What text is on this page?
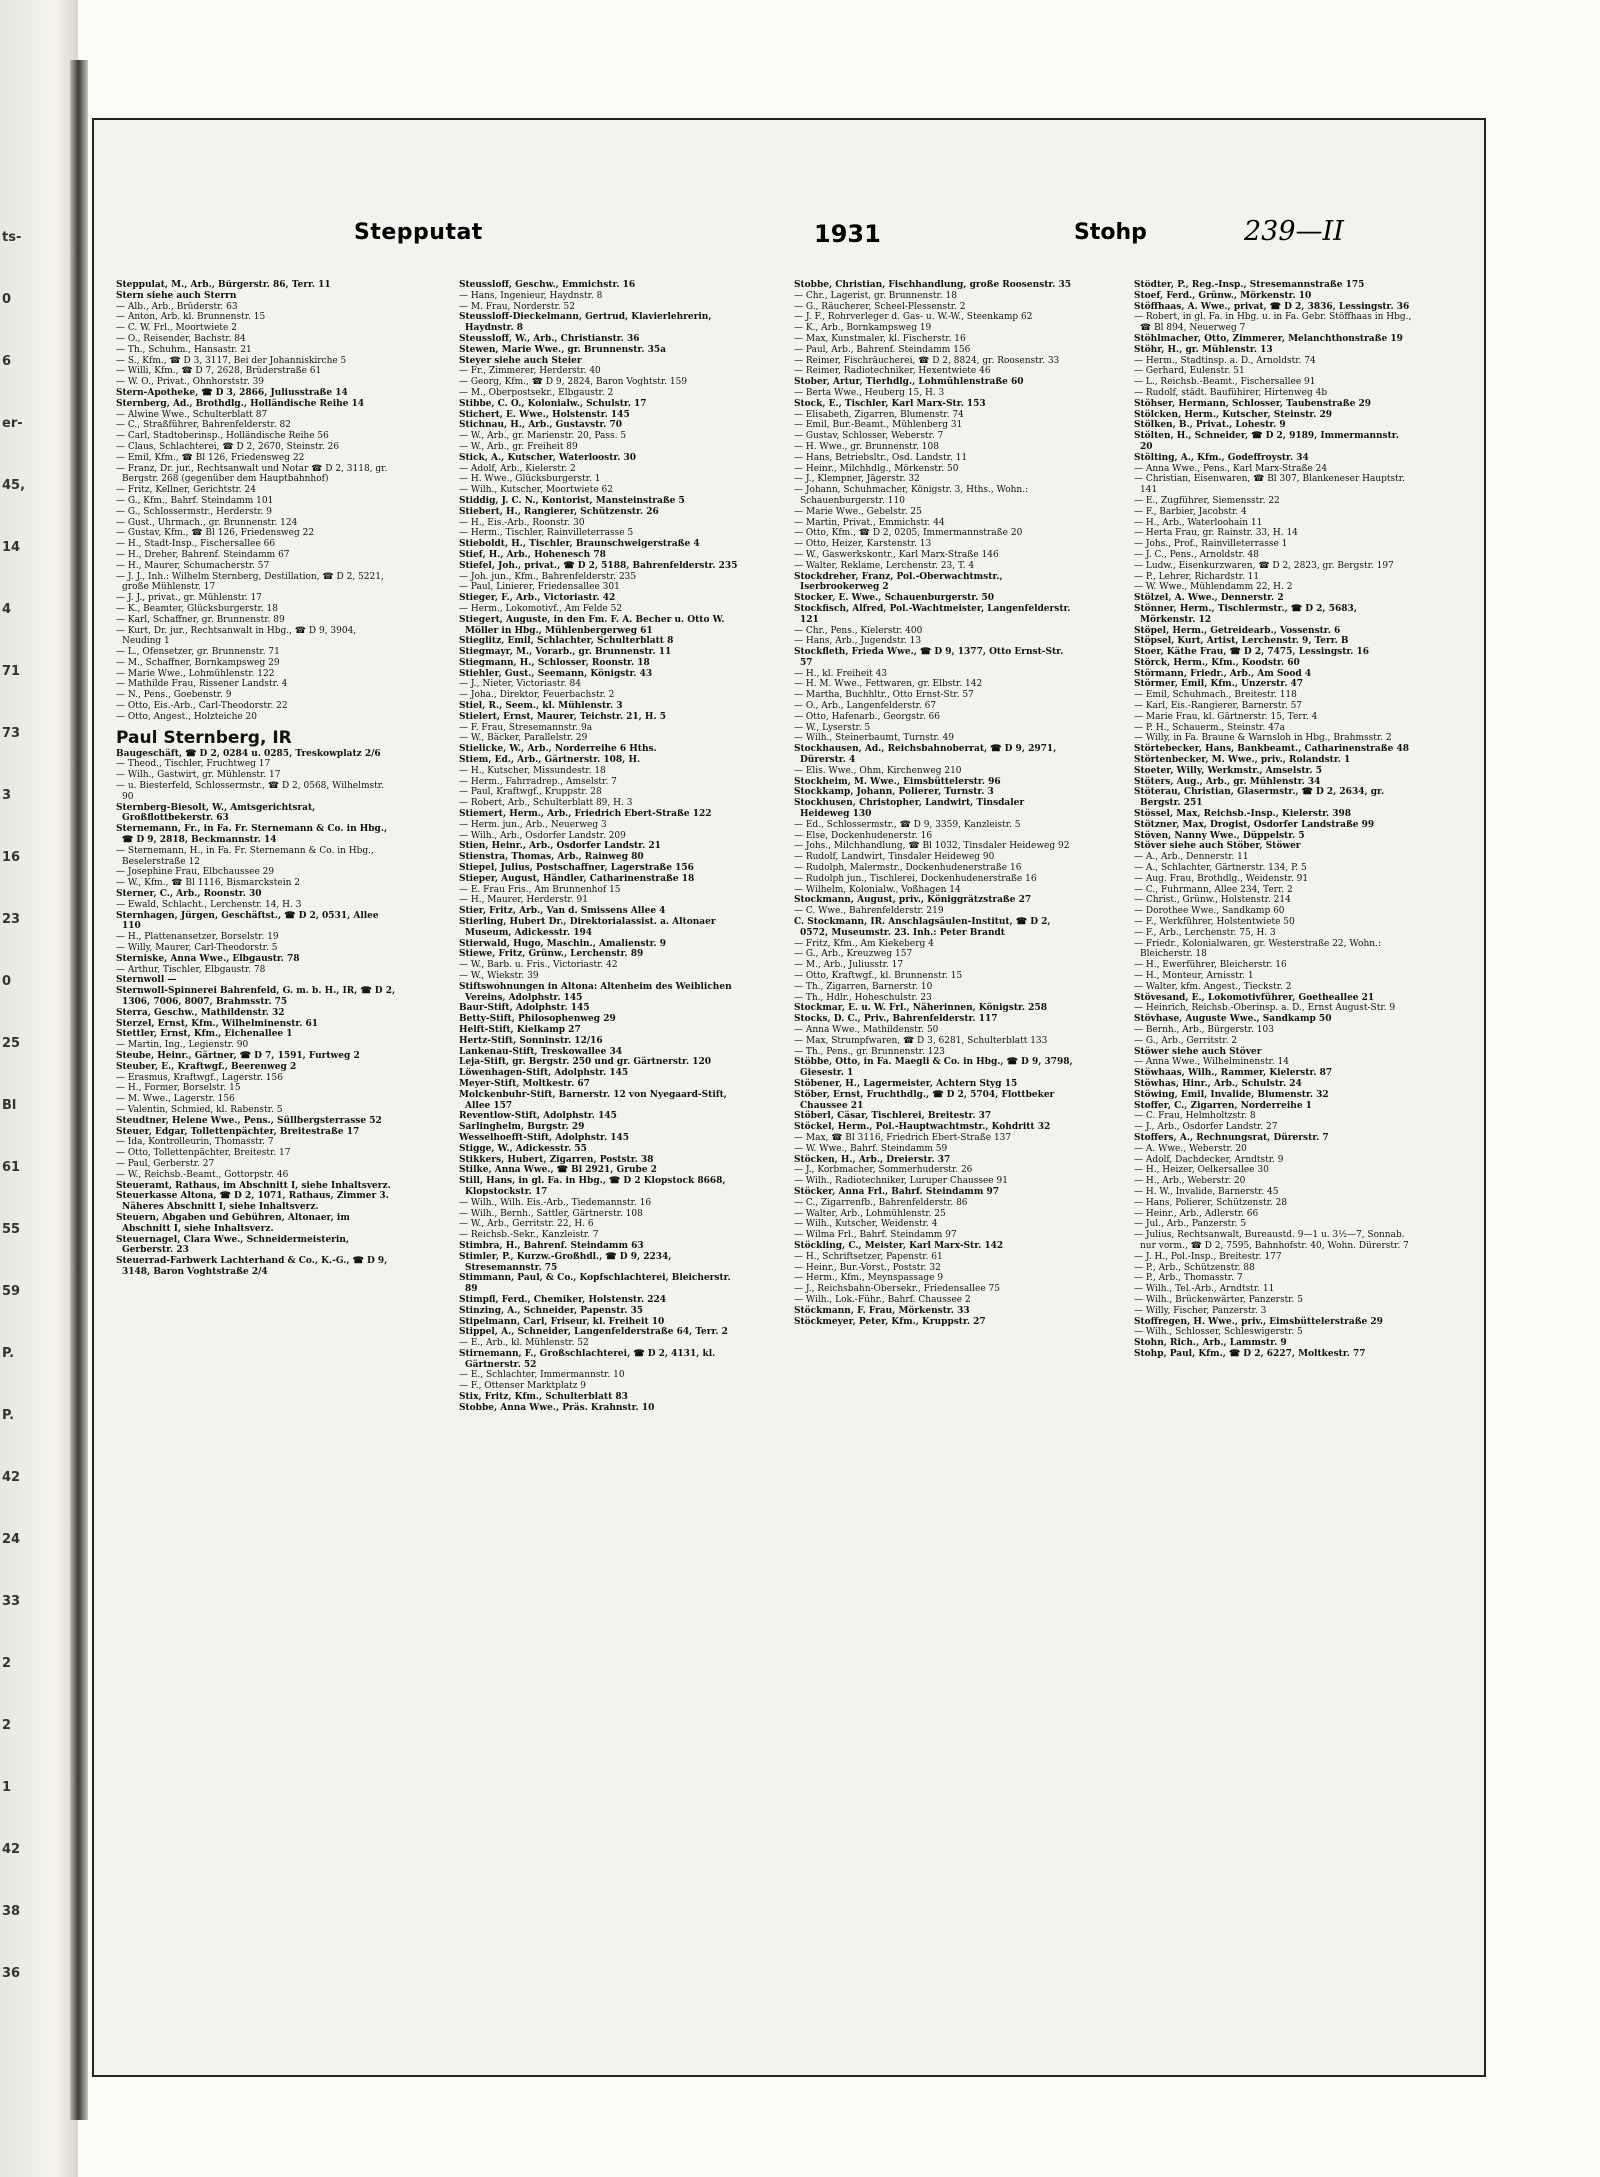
ts-
0
6
er-
45,
14
4
71
73
3
16
23
0
25
Bl
61
55
59
P.
P.
42
24
33
2
2
1
42
38
36
Stepputat	1931	Stohp	239—II

Steppulat, M., Arb., Bürgerstr. 86, Terr. 11

Stern siehe auch Sterrn

— Alb., Arb., Brüderstr. 63

— Anton, Arb. kl. Brunnenstr. 15

— C. W. Frl., Moortwiete 2

— O., Reisender, Bachstr. 84

— Th., Schuhm., Hansastr. 21

— S., Kfm., ☎ D 3, 3117, Bei der Johanniskirche 5

— Willi, Kfm., ☎ D 7, 2628, Brüderstraße 61

— W. O., Privat., Ohnhorststr. 39

Stern-Apotheke, ☎ D 3, 2866, Juliusstraße 14

Sternberg, Ad., Brothdlg., Holländische Reihe 14

— Alwine Wwe., Schulterblatt 87

— C., Straßführer, Bahrenfelderstr. 82

— Carl, Stadtoberinsp., Holländische Reihe 56

— Claus, Schlachterei, ☎ D 2, 2670, Steinstr. 26

— Emil, Kfm., ☎ Bl 126, Friedensweg 22

— Franz, Dr. jur., Rechtsanwalt und Notar ☎ D 2, 3118, gr. Bergstr. 268 (gegenüber dem Hauptbahnhof)

— Fritz, Kellner, Gerichtstr. 24

— G., Kfm., Bahrf. Steindamm 101

— G., Schlossermstr., Herderstr. 9

— Gust., Uhrmach., gr. Brunnenstr. 124

— Gustav, Kfm., ☎ Bl 126, Friedensweg 22

— H., Stadt-Insp., Fischersallee 66

— H., Dreher, Bahrenf. Steindamm 67

— H., Maurer, Schumacherstr. 57

— J. J., Inh.: Wilhelm Sternberg, Destillation, ☎ D 2, 5221, große Mühlenstr. 17

— J. J., privat., gr. Mühlenstr. 17

— K., Beamter, Glücksburgerstr. 18

— Karl, Schaffner, gr. Brunnenstr. 89

— Kurt, Dr. jur., Rechtsanwalt in Hbg., ☎ D 9, 3904, Neuding 1

— L., Ofensetzer, gr. Brunnenstr. 71

— M., Schaffner, Bornkampsweg 29

— Marie Wwe., Lohmühlenstr. 122

— Mathilde Frau, Rissener Landstr. 4

— N., Pens., Goebenstr. 9

— Otto, Eis.-Arb., Carl-Theodorstr. 22

— Otto, Angest., Holzteiche 20

Paul Sternberg, IR

Baugeschäft, ☎ D 2, 0284 u. 0285, Treskowplatz 2/6

— Theod., Tischler, Fruchtweg 17

— Wilh., Gastwirt, gr. Mühlenstr. 17

— u. Biesterfeld, Schlossermstr., ☎ D 2, 0568, Wilhelmstr. 90

Sternberg-Biesolt, W., Amtsgerichtsrat, Großflottbekerstr. 63

Sternemann, Fr., in Fa. Fr. Sternemann & Co. in Hbg., ☎ D 9, 2818, Beckmannstr. 14

— Sternemann, H., in Fa. Fr. Sternemann & Co. in Hbg., Beselerstraße 12

— Josephine Frau, Elbchaussee 29

— W., Kfm., ☎ Bl 1116, Bismarckstein 2

Sterner, C., Arb., Roonstr. 30

— Ewald, Schlacht., Lerchenstr. 14, H. 3

Sternhagen, Jürgen, Geschäftst., ☎ D 2, 0531, Allee 110

— H., Plattenansetzer, Borselstr. 19

— Willy, Maurer, Carl-Theodorstr. 5

Sterniske, Anna Wwe., Elbgaustr. 78

— Arthur, Tischler, Elbgaustr. 78

Sternwoll —

Sternwoll-Spinnerei Bahrenfeld, G. m. b. H., IR, ☎ D 2, 1306, 7006, 8007, Brahmsstr. 75

Sterra, Geschw., Mathildenstr. 32

Sterzel, Ernst, Kfm., Wilhelminenstr. 61

Stettler, Ernst, Kfm., Eichenallee 1

— Martin, Ing., Legienstr. 90

Steube, Heinr., Gärtner, ☎ D 7, 1591, Furtweg 2

Steuber, E., Kraftwgf., Beerenweg 2

— Erasmus, Kraftwgf., Lagerstr. 156

— H., Former, Borselstr. 15

— M. Wwe., Lagerstr. 156

— Valentin, Schmied, kl. Rabenstr. 5

Steudtner, Helene Wwe., Pens., Süllbergsterrasse 52

Steuer, Edgar, Tollettenpächter, Breitestraße 17

— Ida, Kontrolleurin, Thomasstr. 7

— Otto, Tollettenpächter, Breitestr. 17

— Paul, Gerberstr. 27

— W., Reichsb.-Beamt., Gottorpstr. 46

Steueramt, Rathaus, im Abschnitt I, siehe Inhaltsverz.

Steuerkasse Altona, ☎ D 2, 1071, Rathaus, Zimmer 3. Näheres Abschnitt I, siehe Inhaltsverz.

Steuern, Abgaben und Gebühren, Altonaer, im Abschnitt I, siehe Inhaltsverz.

Steuernagel, Clara Wwe., Schneidermeisterin, Gerberstr. 23

Steuerrad-Farbwerk Lachterhand & Co., K.-G., ☎ D 9, 3148, Baron Voghtstraße 2/4

Steussloff, Geschw., Emmichstr. 16

— Hans, Ingenieur, Haydnstr. 8

— M. Frau, Norderstr. 52

Steussloff-Dieckelmann, Gertrud, Klavierlehrerin, Haydnstr. 8

Steussloff, W., Arb., Christianstr. 36

Stewen, Marie Wwe., gr. Brunnenstr. 35a

Steyer siehe auch Steier

— Fr., Zimmerer, Herderstr. 40

— Georg, Kfm., ☎ D 9, 2824, Baron Voghtstr. 159

— M., Oberpostsekr., Elbgaustr. 2

Stibbe, C. O., Kolonialw., Schulstr. 17

Stichert, E. Wwe., Holstenstr. 145

Stichnau, H., Arb., Gustavstr. 70

— W., Arb., gr. Marienstr. 20, Pass. 5

— W., Arb., gr. Freiheit 89

Stick, A., Kutscher, Waterloostr. 30

— Adolf, Arb., Kielerstr. 2

— H. Wwe., Glücksburgerstr. 1

— Wilh., Kutscher, Moortwiete 62

Stiddig, J. C. N., Kontorist, Mansteinstraße 5

Stiebert, H., Rangierer, Schützenstr. 26

— H., Eis.-Arb., Roonstr. 30

— Herm., Tischler, Rainvilleterrasse 5

Stieboldt, H., Tischler, Braunschweigerstraße 4

Stief, H., Arb., Hohenesch 78

Stiefel, Joh., privat., ☎ D 2, 5188, Bahrenfelderstr. 235

— Joh. jun., Kfm., Bahrenfelderstr. 235

— Paul, Linierer, Friedensallee 301

Stieger, F., Arb., Victoriastr. 42

— Herm., Lokomotivf., Am Felde 52

Stiegert, Auguste, in den Fm. F. A. Becher u. Otto W. Möller in Hbg., Mühlenbergerweg 61

Stieglitz, Emil, Schlachter, Schulterblatt 8

Stiegmayr, M., Vorarb., gr. Brunnenstr. 11

Stiegmann, H., Schlosser, Roonstr. 18

Stiehler, Gust., Seemann, Königstr. 43

— J., Nieter, Victoriastr. 84

— Joha., Direktor, Feuerbachstr. 2

Stiel, R., Seem., kl. Mühlenstr. 3

Stielert, Ernst, Maurer, Teichstr. 21, H. 5

— F. Frau, Stresemannstr. 9a

— W., Bäcker, Parallelstr. 29

Stielicke, W., Arb., Norderreihe 6 Hths.

Stiem, Ed., Arb., Gärtnerstr. 108, H.

— H., Kutscher, Missundestr. 18

— Herm., Fahrradrep., Amselstr. 7

— Paul, Kraftwgf., Kruppstr. 28

— Robert, Arb., Schulterblatt 89, H. 3

Stiemert, Herm., Arb., Friedrich Ebert-Straße 122

— Herm. jun., Arb., Neuerweg 3

— Wilh., Arb., Osdorfer Landstr. 209

Stien, Heinr., Arb., Osdorfer Landstr. 21

Stienstra, Thomas, Arb., Rainweg 80

Stiepel, Julius, Postschaffner, Lagerstraße 156

Stieper, August, Händler, Catharinenstraße 18

— E. Frau Fris., Am Brunnenhof 15

— H., Maurer, Herderstr. 91

Stier, Fritz, Arb., Van d. Smissens Allee 4

Stierling, Hubert Dr., Direktorialassist. a. Altonaer Museum, Adickesstr. 194

Stierwald, Hugo, Maschin., Amalienstr. 9

Stiewe, Fritz, Grünw., Lerchenstr. 89

— W., Barb. u. Fris., Victoriastr. 42

— W., Wiekstr. 39

Stiftswohnungen in Altona: Altenheim des Weiblichen Vereins, Adolphstr. 145

Baur-Stift, Adolphstr. 145

Betty-Stift, Philosophenweg 29

Helft-Stift, Kielkamp 27

Hertz-Stift, Sonninstr. 12/16

Lankenau-Stift, Treskowallee 34

Leja-Stift, gr. Bergstr. 250 und gr. Gärtnerstr. 120

Löwenhagen-Stift, Adolphstr. 145

Meyer-Stift, Moltkestr. 67

Molckenbuhr-Stift, Barnerstr. 12 von Nyegaard-Stift, Allee 157

Reventlow-Stift, Adolphstr. 145

Sarlinghelm, Burgstr. 29

Wesselhoefft-Stift, Adolphstr. 145

Stigge, W., Adickesstr. 55

Stikkers, Hubert, Zigarren, Poststr. 38

Stilke, Anna Wwe., ☎ Bl 2921, Grube 2

Still, Hans, in gl. Fa. in Hbg., ☎ D 2 Klopstock 8668, Klopstockstr. 17

— Wilh., Wilh. Eis.-Arb., Tiedemannstr. 16

— Wilh., Bernh., Sattler, Gärtnerstr. 108

— W., Arb., Gerritstr. 22, H. 6

— Reichsb.-Sekr., Kanzleistr. 7

Stimbra, H., Bahrenf. Steindamm 63

Stimler, P., Kurzw.-Großhdl., ☎ D 9, 2234, Stresemannstr. 75

Stimmann, Paul, & Co., Kopfschlachterei, Bleicherstr. 89

Stimpfl, Ferd., Chemiker, Holstenstr. 224

Stinzing, A., Schneider, Papenstr. 35

Stipelmann, Carl, Friseur, kl. Freiheit 10

Stippel, A., Schneider, Langenfelderstraße 64, Terr. 2

— E., Arb., kl. Mühlenstr. 52

Stirnemann, F., Großschlachterei, ☎ D 2, 4131, kl. Gärtnerstr. 52

— E., Schlachter, Immermannstr. 10

— F., Ottenser Marktplatz 9

Stix, Fritz, Kfm., Schulterblatt 83

Stobbe, Anna Wwe., Präs. Krahnstr. 10

Stobbe, Christian, Fischhandlung, große Roosenstr. 35

— Chr., Lagerist, gr. Brunnenstr. 18

— G., Räucherer, Scheel-Plessenstr. 2

— J. F., Rohrverleger d. Gas- u. W.-W., Steenkamp 62

— K., Arb., Bornkampsweg 19

— Max, Kunstmaler, kl. Fischerstr. 16

— Paul, Arb., Bahrenf. Steindamm 156

— Reimer, Fischräucherei, ☎ D 2, 8824, gr. Roosenstr. 33

— Reimer, Radiotechniker, Hexentwiete 46

Stober, Artur, Tierhdlg., Lohmühlenstraße 60

— Berta Wwe., Heuberg 15, H. 3

Stock, E., Tischler, Karl Marx-Str. 153

— Elisabeth, Zigarren, Blumenstr. 74

— Emil, Bur.-Beamt., Mühlenberg 31

— Gustav, Schlosser, Weberstr. 7

— H. Wwe., gr. Brunnenstr. 108

— Hans, Betriebsltr., Osd. Landstr. 11

— Heinr., Milchhdlg., Mörkenstr. 50

— J., Klempner, Jägerstr. 32

— Johann, Schuhmacher, Königstr. 3, Hths., Wohn.: Schauenburgerstr. 110

— Marie Wwe., Gebelstr. 25

— Martin, Privat., Emmichstr. 44

— Otto, Kfm., ☎ D 2, 0205, Immermannstraße 20

— Otto, Heizer, Karstenstr. 13

— W., Gaswerkskontr., Karl Marx-Straße 146

— Walter, Reklame, Lerchenstr. 23, T. 4

Stockdreher, Franz, Pol.-Oberwachtmstr., Iserbrookerweg 2

Stocker, E. Wwe., Schauenburgerstr. 50

Stockfisch, Alfred, Pol.-Wachtmeister, Langenfelderstr. 121

— Chr., Pens., Kielerstr. 400

— Hans, Arb., Jugendstr. 13

Stockfleth, Frieda Wwe., ☎ D 9, 1377, Otto Ernst-Str. 57

— H., kl. Freiheit 43

— H. M. Wwe., Fettwaren, gr. Elbstr. 142

— Martha, Buchhltr., Otto Ernst-Str. 57

— O., Arb., Langenfelderstr. 67

— Otto, Hafenarb., Georgstr. 66

— W., Lyserstr. 5

— Wilh., Steinerbaumt, Turnstr. 49

Stockhausen, Ad., Reichsbahnoberrat, ☎ D 9, 2971, Dürerstr. 4

— Elis. Wwe., Ohm, Kirchenweg 210

Stockheim, M. Wwe., Eimsbüttelerstr. 96

Stockkamp, Johann, Polierer, Turnstr. 3

Stockhusen, Christopher, Landwirt, Tinsdaler Heideweg 130

— Ed., Schlossermstr., ☎ D 9, 3359, Kanzleistr. 5

— Else, Dockenhudenerstr. 16

— Johs., Milchhandlung, ☎ Bl 1032, Tinsdaler Heideweg 92

— Rudolf, Landwirt, Tinsdaler Heideweg 90

— Rudolph, Malermstr., Dockenhudenerstraße 16

— Rudolph jun., Tischlerei, Dockenhudenerstraße 16

— Wilhelm, Kolonialw., Voßhagen 14

Stockmann, August, priv., Königgrätzstraße 27

— C. Wwe., Bahrenfelderstr. 219

C. Stockmann, IR. Anschlagsäulen-Institut, ☎ D 2, 0572, Museumstr. 23. Inh.: Peter Brandt

— Fritz, Kfm., Am Kiekeberg 4

— G., Arb., Kreuzweg 157

— M., Arb., Juliusstr. 17

— Otto, Kraftwgf., kl. Brunnenstr. 15

— Th., Zigarren, Barnerstr. 10

— Th., Hdlr., Hoheschulstr. 23

Stockmar, E. u. W. Frl., Näherinnen, Königstr. 258

Stocks, D. C., Priv., Bahrenfelderstr. 117

— Anna Wwe., Mathildenstr. 50

— Max, Strumpfwaren, ☎ D 3, 6281, Schulterblatt 133

— Th., Pens., gr. Brunnenstr. 123

Stöbbe, Otto, in Fa. Maegli & Co. in Hbg., ☎ D 9, 3798, Giesestr. 1

Stöbener, H., Lagermeister, Achtern Styg 15

Stöber, Ernst, Fruchthdlg., ☎ D 2, 5704, Flottbeker Chaussee 21

Stöberl, Cäsar, Tischlerei, Breitestr. 37

Stöckel, Herm., Pol.-Hauptwachtmstr., Kohdritt 32

— Max, ☎ Bl 3116, Friedrich Ebert-Straße 137

— W. Wwe., Bahrf. Steindamm 59

Stöcken, H., Arb., Dreierstr. 37

— J., Korbmacher, Sommerhuderstr. 26

— Wilh., Radiotechniker, Luruper Chaussee 91

Stöcker, Anna Frl., Bahrf. Steindamm 97

— C., Zigarrenfb., Bahrenfelderstr. 86

— Walter, Arb., Lohmühlenstr. 25

— Wilh., Kutscher, Weidenstr. 4

— Wilma Frl., Bahrf. Steindamm 97

Stöckling, C., Meister, Karl Marx-Str. 142

— H., Schriftsetzer, Papenstr. 61

— Heinr., Bur.-Vorst., Poststr. 32

— Herm., Kfm., Meynspassage 9

— J., Reichsbahn-Obersekr., Friedensallee 75

— Wilh., Lok.-Führ., Bahrf. Chaussee 2

Stöckmann, F. Frau, Mörkenstr. 33

Stöckmeyer, Peter, Kfm., Kruppstr. 27

Stödter, P., Reg.-Insp., Stresemannstraße 175

Stoef, Ferd., Grünw., Mörkenstr. 10

Stöffhaas, A. Wwe., privat, ☎ D 2, 3836, Lessingstr. 36

— Robert, in gl. Fa. in Hbg. u. in Fa. Gebr. Stöffhaas in Hbg., ☎ Bl 894, Neuerweg 7

Stöhlmacher, Otto, Zimmerer, Melanchthonstraße 19

Stöhr, H., gr. Mühlenstr. 13

— Herm., Stadtinsp. a. D., Arnoldstr. 74

— Gerhard, Eulenstr. 51

— L., Reichsb.-Beamt., Fischersallee 91

— Rudolf, städt. Baufühirer, Hirtenweg 4b

Stöhser, Hermann, Schlosser, Taubenstraße 29

Stölcken, Herm., Kutscher, Steinstr. 29

Stölken, B., Privat., Lohestr. 9

Stölten, H., Schneider, ☎ D 2, 9189, Immermannstr. 20

Stölting, A., Kfm., Godeffroystr. 34

— Anna Wwe., Pens., Karl Marx-Straße 24

— Christian, Eisenwaren, ☎ Bl 307, Blankeneser Hauptstr. 141

— E., Zugführer, Siemensstr. 22

— F., Barbier, Jacobstr. 4

— H., Arb., Waterloohain 11

— Herta Frau, gr. Rainstr. 33, H. 14

— Johs., Prof., Rainvilleterrasse 1

— J. C., Pens., Arnoldstr. 48

— Ludw., Eisenkurzwaren, ☎ D 2, 2823, gr. Bergstr. 197

— P., Lehrer, Richardstr. 11

— W. Wwe., Mühlendamm 22, H. 2

Stölzel, A. Wwe., Dennerstr. 2

Stönner, Herm., Tischlermstr., ☎ D 2, 5683, Mörkenstr. 12

Stöpel, Herm., Getreidearb., Vossenstr. 6

Stöpsel, Kurt, Artist, Lerchenstr. 9, Terr. B

Stoer, Käthe Frau, ☎ D 2, 7475, Lessingstr. 16

Störck, Herm., Kfm., Koodstr. 60

Störmann, Friedr., Arb., Am Sood 4

Störmer, Emil, Kfm., Unzerstr. 47

— Emil, Schuhmach., Breitestr. 118

— Karl, Eis.-Rangierer, Barnerstr. 57

— Marie Frau, kl. Gärtnerstr. 15, Terr. 4

— P. H., Schauerm., Steinstr. 47a

— Willy, in Fa. Braune & Warnsloh in Hbg., Brahmsstr. 2

Störtebecker, Hans, Bankbeamt., Catharinenstraße 48

Störtenbecker, M. Wwe., priv., Rolandstr. 1

Stoeter, Willy, Werkmstr., Amselstr. 5

Stöters, Aug., Arb., gr. Mühlenstr. 34

Stöterau, Christian, Glasermstr., ☎ D 2, 2634, gr. Bergstr. 251

Stössel, Max, Reichsb.-Insp., Kielerstr. 398

Stötzner, Max, Drogist, Osdorfer Landstraße 99

Stöven, Nanny Wwe., Düppelstr. 5

Stöver siehe auch Stöber, Stöwer

— A., Arb., Dennerstr. 11

— A., Schlachter, Gärtnerstr. 134, P. 5

— Aug. Frau, Brothdlg., Weidenstr. 91

— C., Fuhrmann, Allee 234, Terr. 2

— Christ., Grünw., Holstenstr. 214

— Dorothee Wwe., Sandkamp 60

— F., Werkführer, Holstentwiete 50

— F., Arb., Lerchenstr. 75, H. 3

— Friedr., Kolonialwaren, gr. Westerstraße 22, Wohn.: Bleicherstr. 18

— H., Ewerführer, Bleicherstr. 16

— H., Monteur, Arnisstr. 1

— Walter, kfm. Angest., Tieckstr. 2

Stövesand, E., Lokomotivführer, Goetheallee 21

— Heinrich, Reichsb.-Oberinsp. a. D., Ernst August-Str. 9

Stövhase, Auguste Wwe., Sandkamp 50

— Bernh., Arb., Bürgerstr. 103

— G., Arb., Gerritstr. 2

Stöwer siehe auch Stöver

— Anna Wwe., Wilhelminenstr. 14

Stöwhaas, Wilh., Rammer, Kielerstr. 87

Stöwhas, Hinr., Arb., Schulstr. 24

Stöwing, Emil, Invalide, Blumenstr. 32

Stoffer, C., Zigarren, Norderreihe 1

— C. Frau, Helmholtzstr. 8

— J., Arb., Osdorfer Landstr. 27

Stoffers, A., Rechnungsrat, Dürerstr. 7

— A. Wwe., Weberstr. 20

— Adolf, Dachdecker, Arndtstr. 9

— H., Heizer, Oelkersallee 30

— H., Arb., Weberstr. 20

— H. W., Invalide, Barnerstr. 45

— Hans, Polierer, Schützenstr. 28

— Heinr., Arb., Adlerstr. 66

— Jul., Arb., Panzerstr. 5

— Julius, Rechtsanwalt, Bureaustd. 9—1 u. 3½—7, Sonnab. nur vorm., ☎ D 2, 7595, Bahnhofstr. 40, Wohn. Dürerstr. 7

— J. H., Pol.-Insp., Breitestr. 177

— P., Arb., Schützenstr. 88

— P., Arb., Thomasstr. 7

— Wilh., Tel.-Arb., Arndtstr. 11

— Wilh., Brückenwärter, Panzerstr. 5

— Willy, Fischer, Panzerstr. 3

Stoffregen, H. Wwe., priv., Eimsbüttelerstraße 29

— Wilh., Schlosser, Schleswigerstr. 5

Stohn, Rich., Arb., Lammstr. 9

Stohp, Paul, Kfm., ☎ D 2, 6227, Moltkestr. 77
